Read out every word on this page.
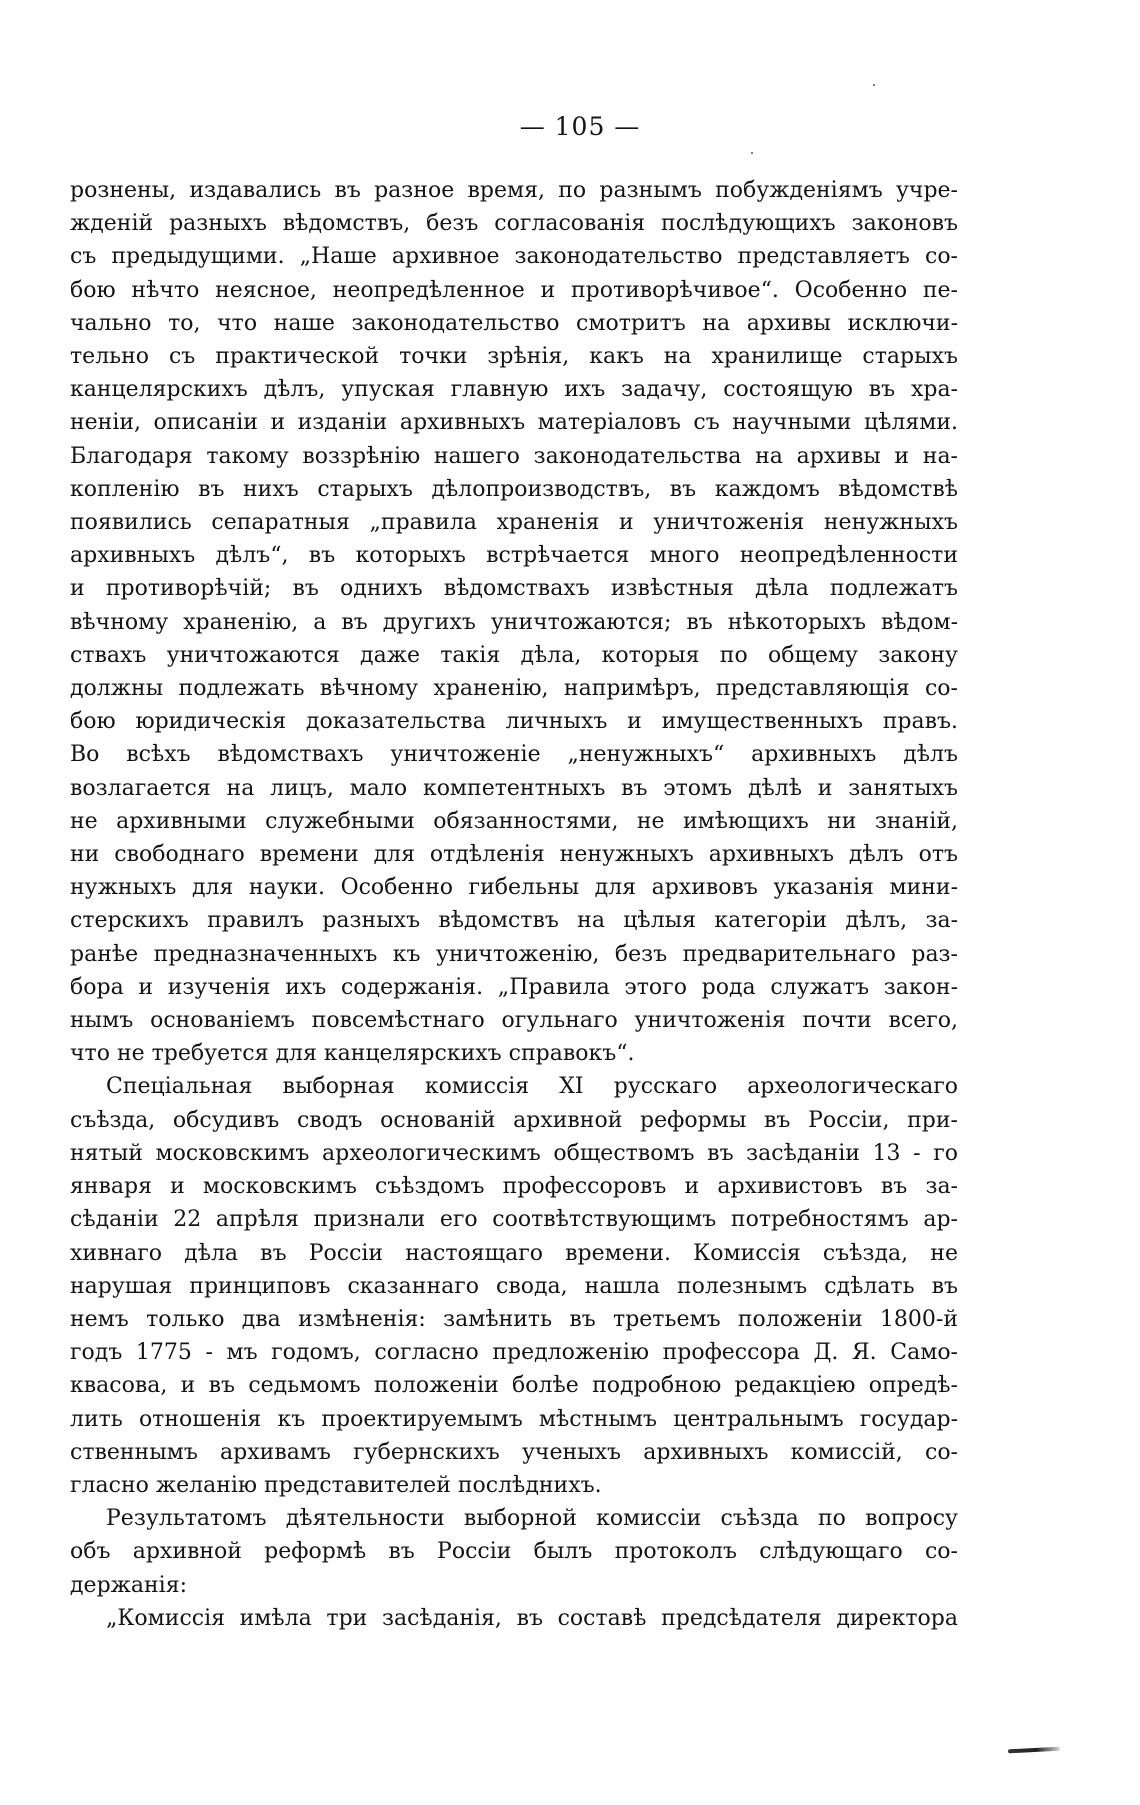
— 105 —

рознены, издавались въ разное время, по разнымъ побужденіямъ учре-

жденій разныхъ вѣдомствъ, безъ согласованія послѣдующихъ законовъ

съ предыдущими. „Наше архивное законодательство представляетъ со-

бою нѣчто неясное, неопредѣленное и противорѣчивое“. Особенно пе-

чально то, что наше законодательство смотритъ на архивы исключи-

тельно съ практической точки зрѣнія, какъ на хранилище старыхъ

канцелярскихъ дѣлъ, упуская главную ихъ задачу, состоящую въ хра-

неніи, описаніи и изданіи архивныхъ матеріаловъ съ научными цѣлями.

Благодаря такому воззрѣнію нашего законодательства на архивы и на-

копленію въ нихъ старыхъ дѣлопроизводствъ, въ каждомъ вѣдомствѣ

появились сепаратныя „правила храненія и уничтоженія ненужныхъ

архивныхъ дѣлъ“, въ которыхъ встрѣчается много неопредѣленности

и противорѣчій; въ однихъ вѣдомствахъ извѣстныя дѣла подлежатъ

вѣчному храненію, а въ другихъ уничтожаются; въ нѣкоторыхъ вѣдом-

ствахъ уничтожаются даже такія дѣла, которыя по общему закону

должны подлежать вѣчному храненію, напримѣръ, представляющія со-

бою юридическія доказательства личныхъ и имущественныхъ правъ.

Во всѣхъ вѣдомствахъ уничтоженіе „ненужныхъ“ архивныхъ дѣлъ

возлагается на лицъ, мало компетентныхъ въ этомъ дѣлѣ и занятыхъ

не архивными служебными обязанностями, не имѣющихъ ни знаній,

ни свободнаго времени для отдѣленія ненужныхъ архивныхъ дѣлъ отъ

нужныхъ для науки. Особенно гибельны для архивовъ указанія мини-

стерскихъ правилъ разныхъ вѣдомствъ на цѣлыя категоріи дѣлъ, за-

ранѣе предназначенныхъ къ уничтоженію, безъ предварительнаго раз-

бора и изученія ихъ содержанія. „Правила этого рода служатъ закон-

нымъ основаніемъ повсемѣстнаго огульнаго уничтоженія почти всего,

что не требуется для канцелярскихъ справокъ“.

Спеціальная выборная комиссія XI русскаго археологическаго

съѣзда, обсудивъ сводъ основаній архивной реформы въ Россіи, при-

нятый московскимъ археологическимъ обществомъ въ засѣданіи 13 - го

января и московскимъ съѣздомъ профессоровъ и архивистовъ въ за-

сѣданіи 22 апрѣля признали его соотвѣтствующимъ потребностямъ ар-

хивнаго дѣла въ Россіи настоящаго времени. Комиссія съѣзда, не

нарушая принциповъ сказаннаго свода, нашла полезнымъ сдѣлать въ

немъ только два измѣненія: замѣнить въ третьемъ положеніи 1800-й

годъ 1775 - мъ годомъ, согласно предложенію профессора Д. Я. Само-

квасова, и въ седьмомъ положеніи болѣе подробною редакціею опредѣ-

лить отношенія къ проектируемымъ мѣстнымъ центральнымъ государ-

ственнымъ архивамъ губернскихъ ученыхъ архивныхъ комиссій, со-

гласно желанію представителей послѣднихъ.

Результатомъ дѣятельности выборной комиссіи съѣзда по вопросу

объ архивной реформѣ въ Россіи былъ протоколъ слѣдующаго со-

держанія:

„Комиссія имѣла три засѣданія, въ составѣ предсѣдателя директора
